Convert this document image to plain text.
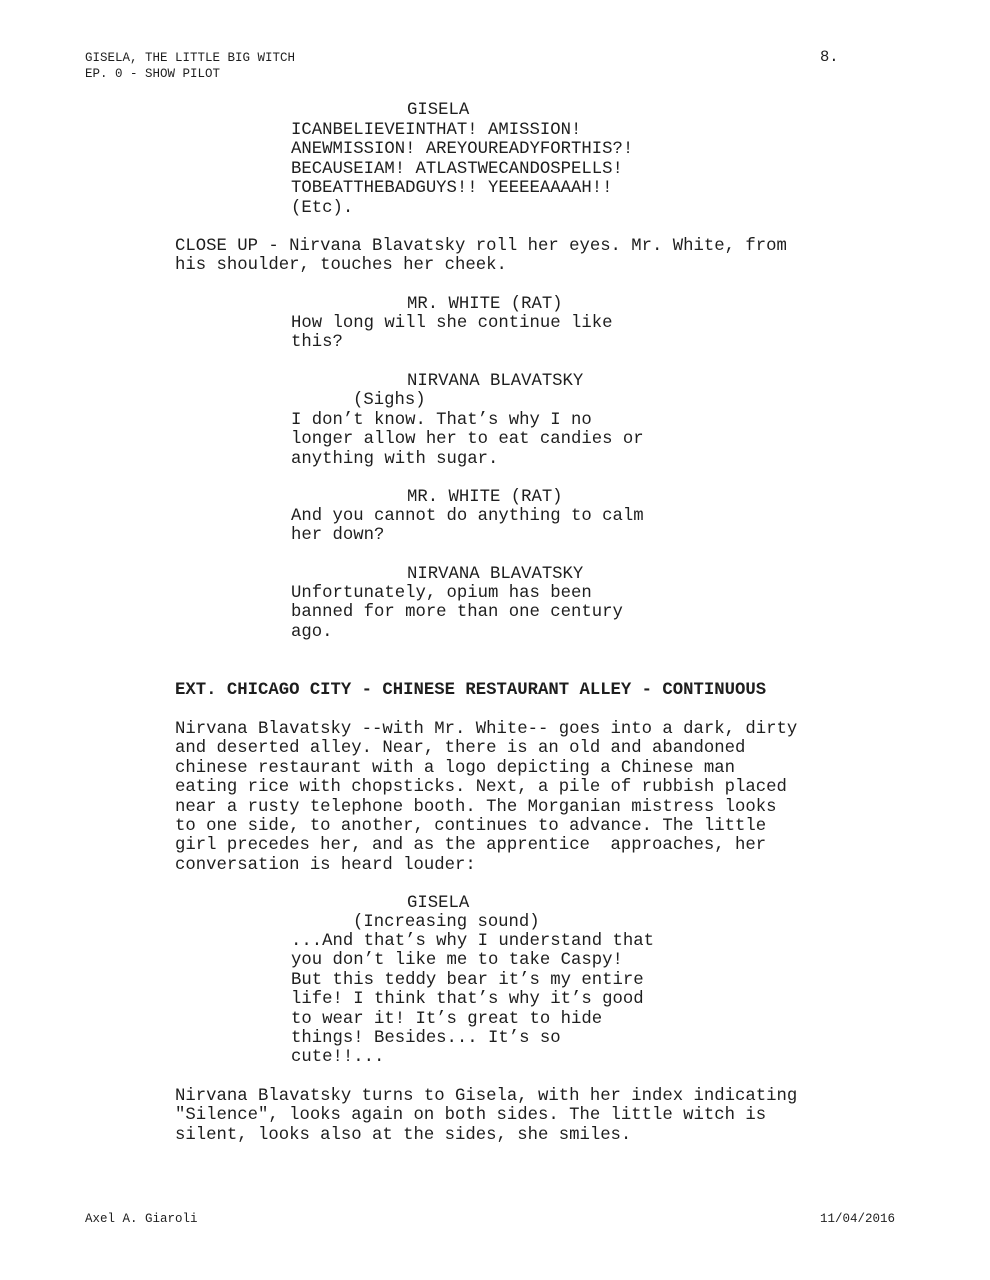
GISELA, THE LITTLE BIG WITCH
EP. 0 - SHOW PILOT
8.
GISELA
ICANBELIEVEINTHAT! AMISSION!
ANEWMISSION! AREYOUREADYFORTHIS?!
BECAUSEIAM! ATLASTWECANDOSPELLS!
TOBEATTHEBADGUYS!! YEEEEAAAAH!!
(Etc).
CLOSE UP - Nirvana Blavatsky roll her eyes. Mr. White, from
his shoulder, touches her cheek.
MR. WHITE (RAT)
How long will she continue like
this?
NIRVANA BLAVATSKY
(Sighs)
I don’t know. That’s why I no
longer allow her to eat candies or
anything with sugar.
MR. WHITE (RAT)
And you cannot do anything to calm
her down?
NIRVANA BLAVATSKY
Unfortunately, opium has been
banned for more than one century
ago.
EXT. CHICAGO CITY - CHINESE RESTAURANT ALLEY - CONTINUOUS
Nirvana Blavatsky --with Mr. White-- goes into a dark, dirty
and deserted alley. Near, there is an old and abandoned
chinese restaurant with a logo depicting a Chinese man
eating rice with chopsticks. Next, a pile of rubbish placed
near a rusty telephone booth. The Morganian mistress looks
to one side, to another, continues to advance. The little
girl precedes her, and as the apprentice  approaches, her
conversation is heard louder:
GISELA
(Increasing sound)
...And that’s why I understand that
you don’t like me to take Caspy!
But this teddy bear it’s my entire
life! I think that’s why it’s good
to wear it! It’s great to hide
things! Besides... It’s so
cute!!...
Nirvana Blavatsky turns to Gisela, with her index indicating
"Silence", looks again on both sides. The little witch is
silent, looks also at the sides, she smiles.
Axel A. Giaroli	11/04/2016
